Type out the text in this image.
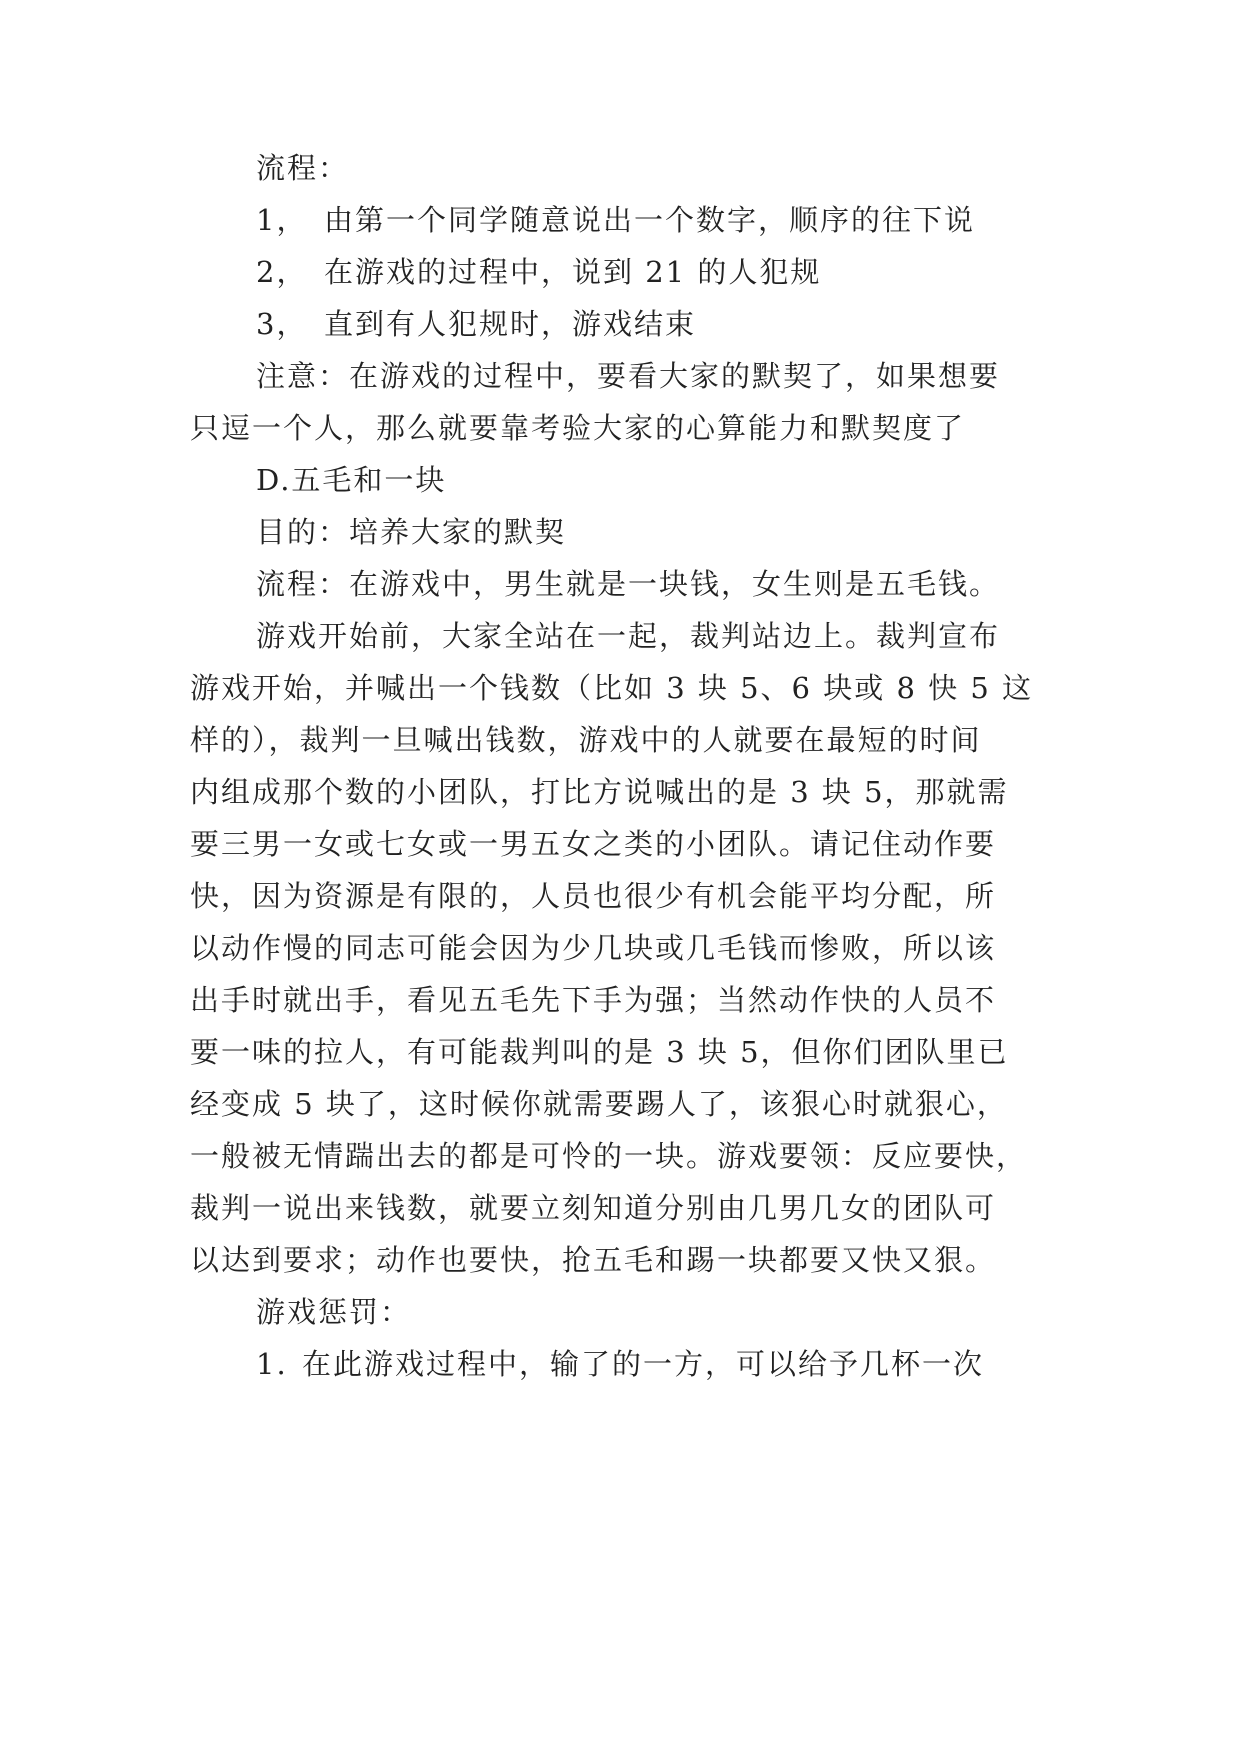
流程：
1， 由第一个同学随意说出一个数字，顺序的往下说
2， 在游戏的过程中，说到 21 的人犯规
3， 直到有人犯规时，游戏结束
注意：在游戏的过程中，要看大家的默契了，如果想要
只逗一个人，那么就要靠考验大家的心算能力和默契度了
D.五毛和一块
目的：培养大家的默契
流程：在游戏中，男生就是一块钱，女生则是五毛钱。
游戏开始前，大家全站在一起，裁判站边上。裁判宣布
游戏开始，并喊出一个钱数（比如 3 块 5、6 块或 8 快 5 这
样的），裁判一旦喊出钱数，游戏中的人就要在最短的时间
内组成那个数的小团队，打比方说喊出的是 3 块 5，那就需
要三男一女或七女或一男五女之类的小团队。请记住动作要
快，因为资源是有限的，人员也很少有机会能平均分配，所
以动作慢的同志可能会因为少几块或几毛钱而惨败，所以该
出手时就出手，看见五毛先下手为强；当然动作快的人员不
要一味的拉人，有可能裁判叫的是 3 块 5，但你们团队里已
经变成 5 块了，这时候你就需要踢人了，该狠心时就狠心，
一般被无情踹出去的都是可怜的一块。游戏要领：反应要快，
裁判一说出来钱数，就要立刻知道分别由几男几女的团队可
以达到要求；动作也要快，抢五毛和踢一块都要又快又狠。
游戏惩罚：
1. 在此游戏过程中，输了的一方，可以给予几杯一次
